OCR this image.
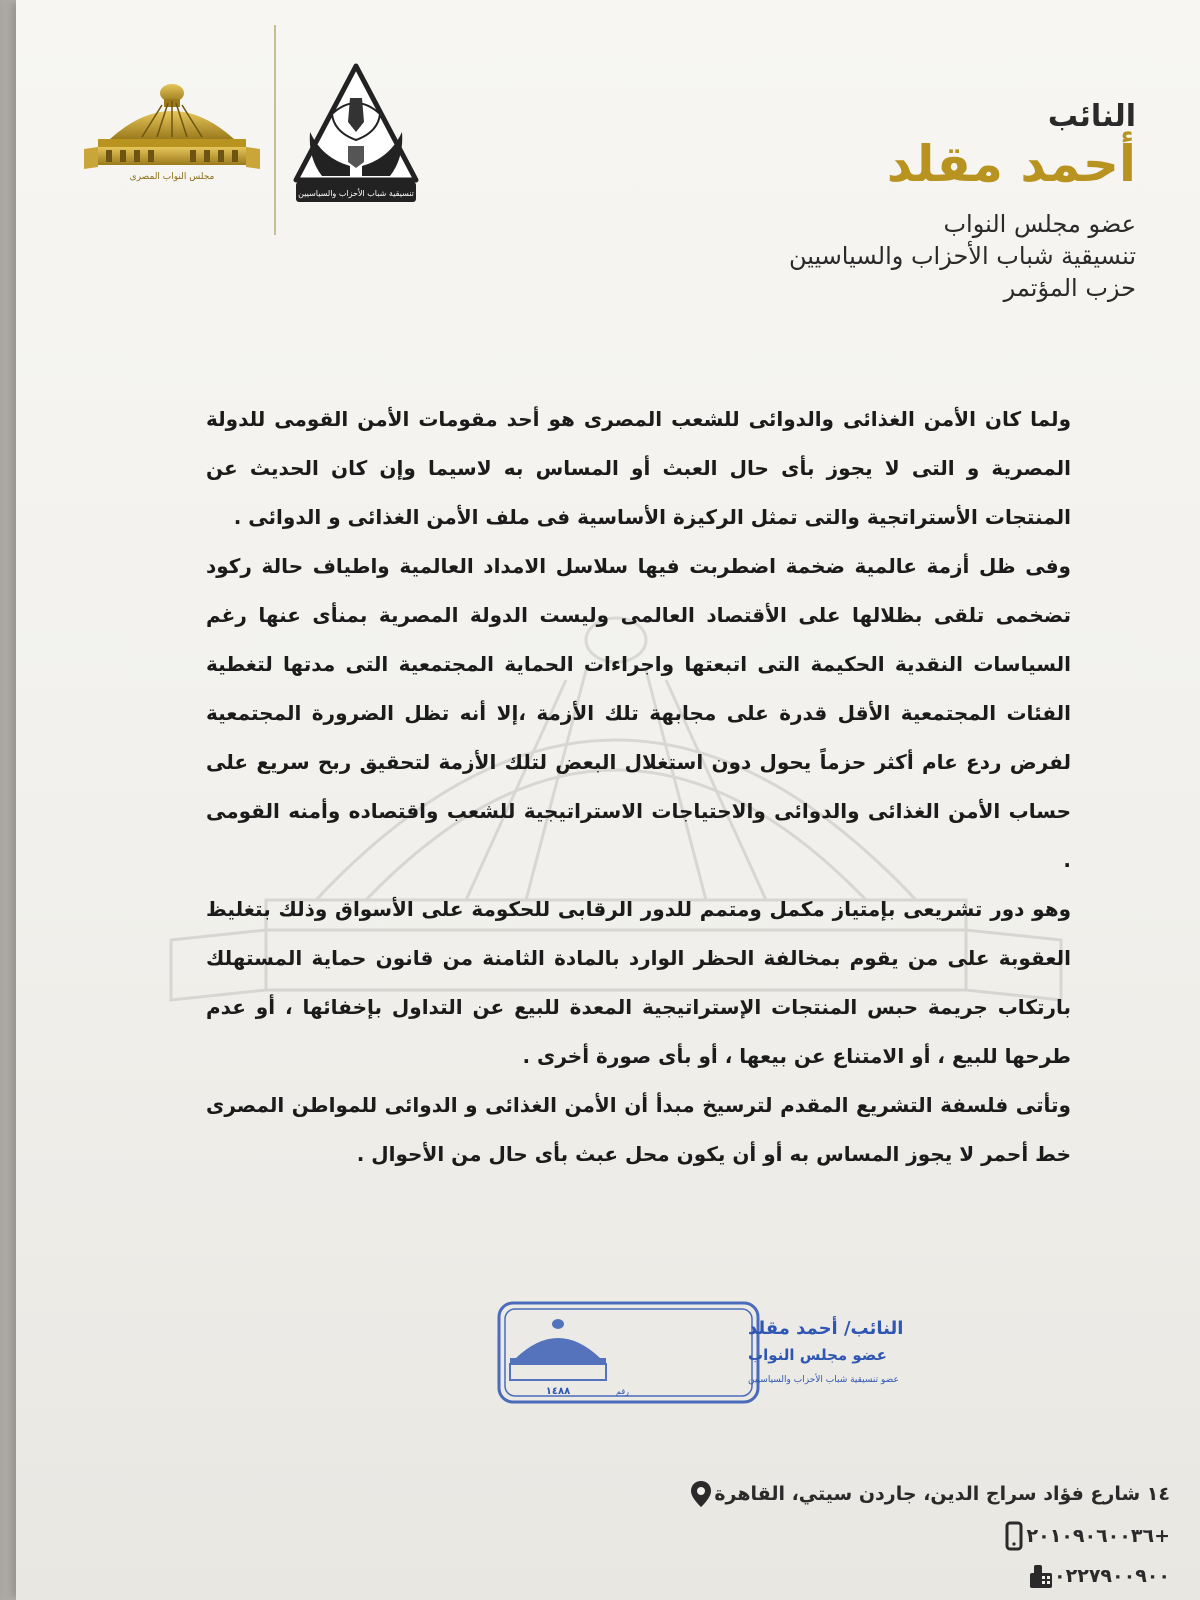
مجلس النواب المصرى
تنسيقية شباب الأحزاب والسياسيين

النائب

أحمد مقلد

عضو مجلس النواب

تنسيقية شباب الأحزاب والسياسيين

حزب المؤتمر

ولما كان الأمن الغذائى والدوائى للشعب المصرى هو أحد مقومات الأمن القومى للدولة المصرية و التى لا يجوز بأى حال العبث أو المساس به لاسيما وإن كان الحديث عن المنتجات الأستراتجية والتى تمثل الركيزة الأساسية فى ملف الأمن الغذائى و الدوائى .

وفى ظل أزمة عالمية ضخمة اضطربت فيها سلاسل الامداد العالمية واطياف حالة ركود تضخمى تلقى بظلالها على الأقتصاد العالمى وليست الدولة المصرية بمنأى عنها رغم السياسات النقدية الحكيمة التى اتبعتها واجراءات الحماية المجتمعية التى مدتها لتغطية الفئات المجتمعية الأقل قدرة على مجابهة تلك الأزمة ،إلا أنه تظل الضرورة المجتمعية لفرض ردع عام أكثر حزماً يحول دون استغلال البعض لتلك الأزمة لتحقيق ربح سريع على حساب الأمن الغذائى والدوائى والاحتياجات الاستراتيجية للشعب واقتصاده وأمنه القومى .

وهو دور تشريعى بإمتياز مكمل ومتمم للدور الرقابى للحكومة على الأسواق وذلك بتغليظ العقوبة على من يقوم بمخالفة الحظر الوارد بالمادة الثامنة من قانون حماية المستهلك بارتكاب جريمة حبس المنتجات الإستراتيجية المعدة للبيع عن التداول بإخفائها ، أو عدم طرحها للبيع ، أو الامتناع عن بيعها ، أو بأى صورة أخرى .

وتأتى فلسفة التشريع المقدم لترسيخ مبدأ أن الأمن الغذائى و الدوائى للمواطن المصرى خط أحمر لا يجوز المساس به أو أن يكون محل عبث بأى حال من الأحوال .

النائب/ أحمد مقلد
عضو مجلس النواب
عضو تنسيقية شباب الأحزاب والسياسيين
رقم
١٤٨٨
١٤ شارع فؤاد سراج الدين، جاردن سيتي، القاهرة
+٢٠١٠٩٠٦٠٠٣٦
٠٢٢٧٩٠٠٩٠٠
